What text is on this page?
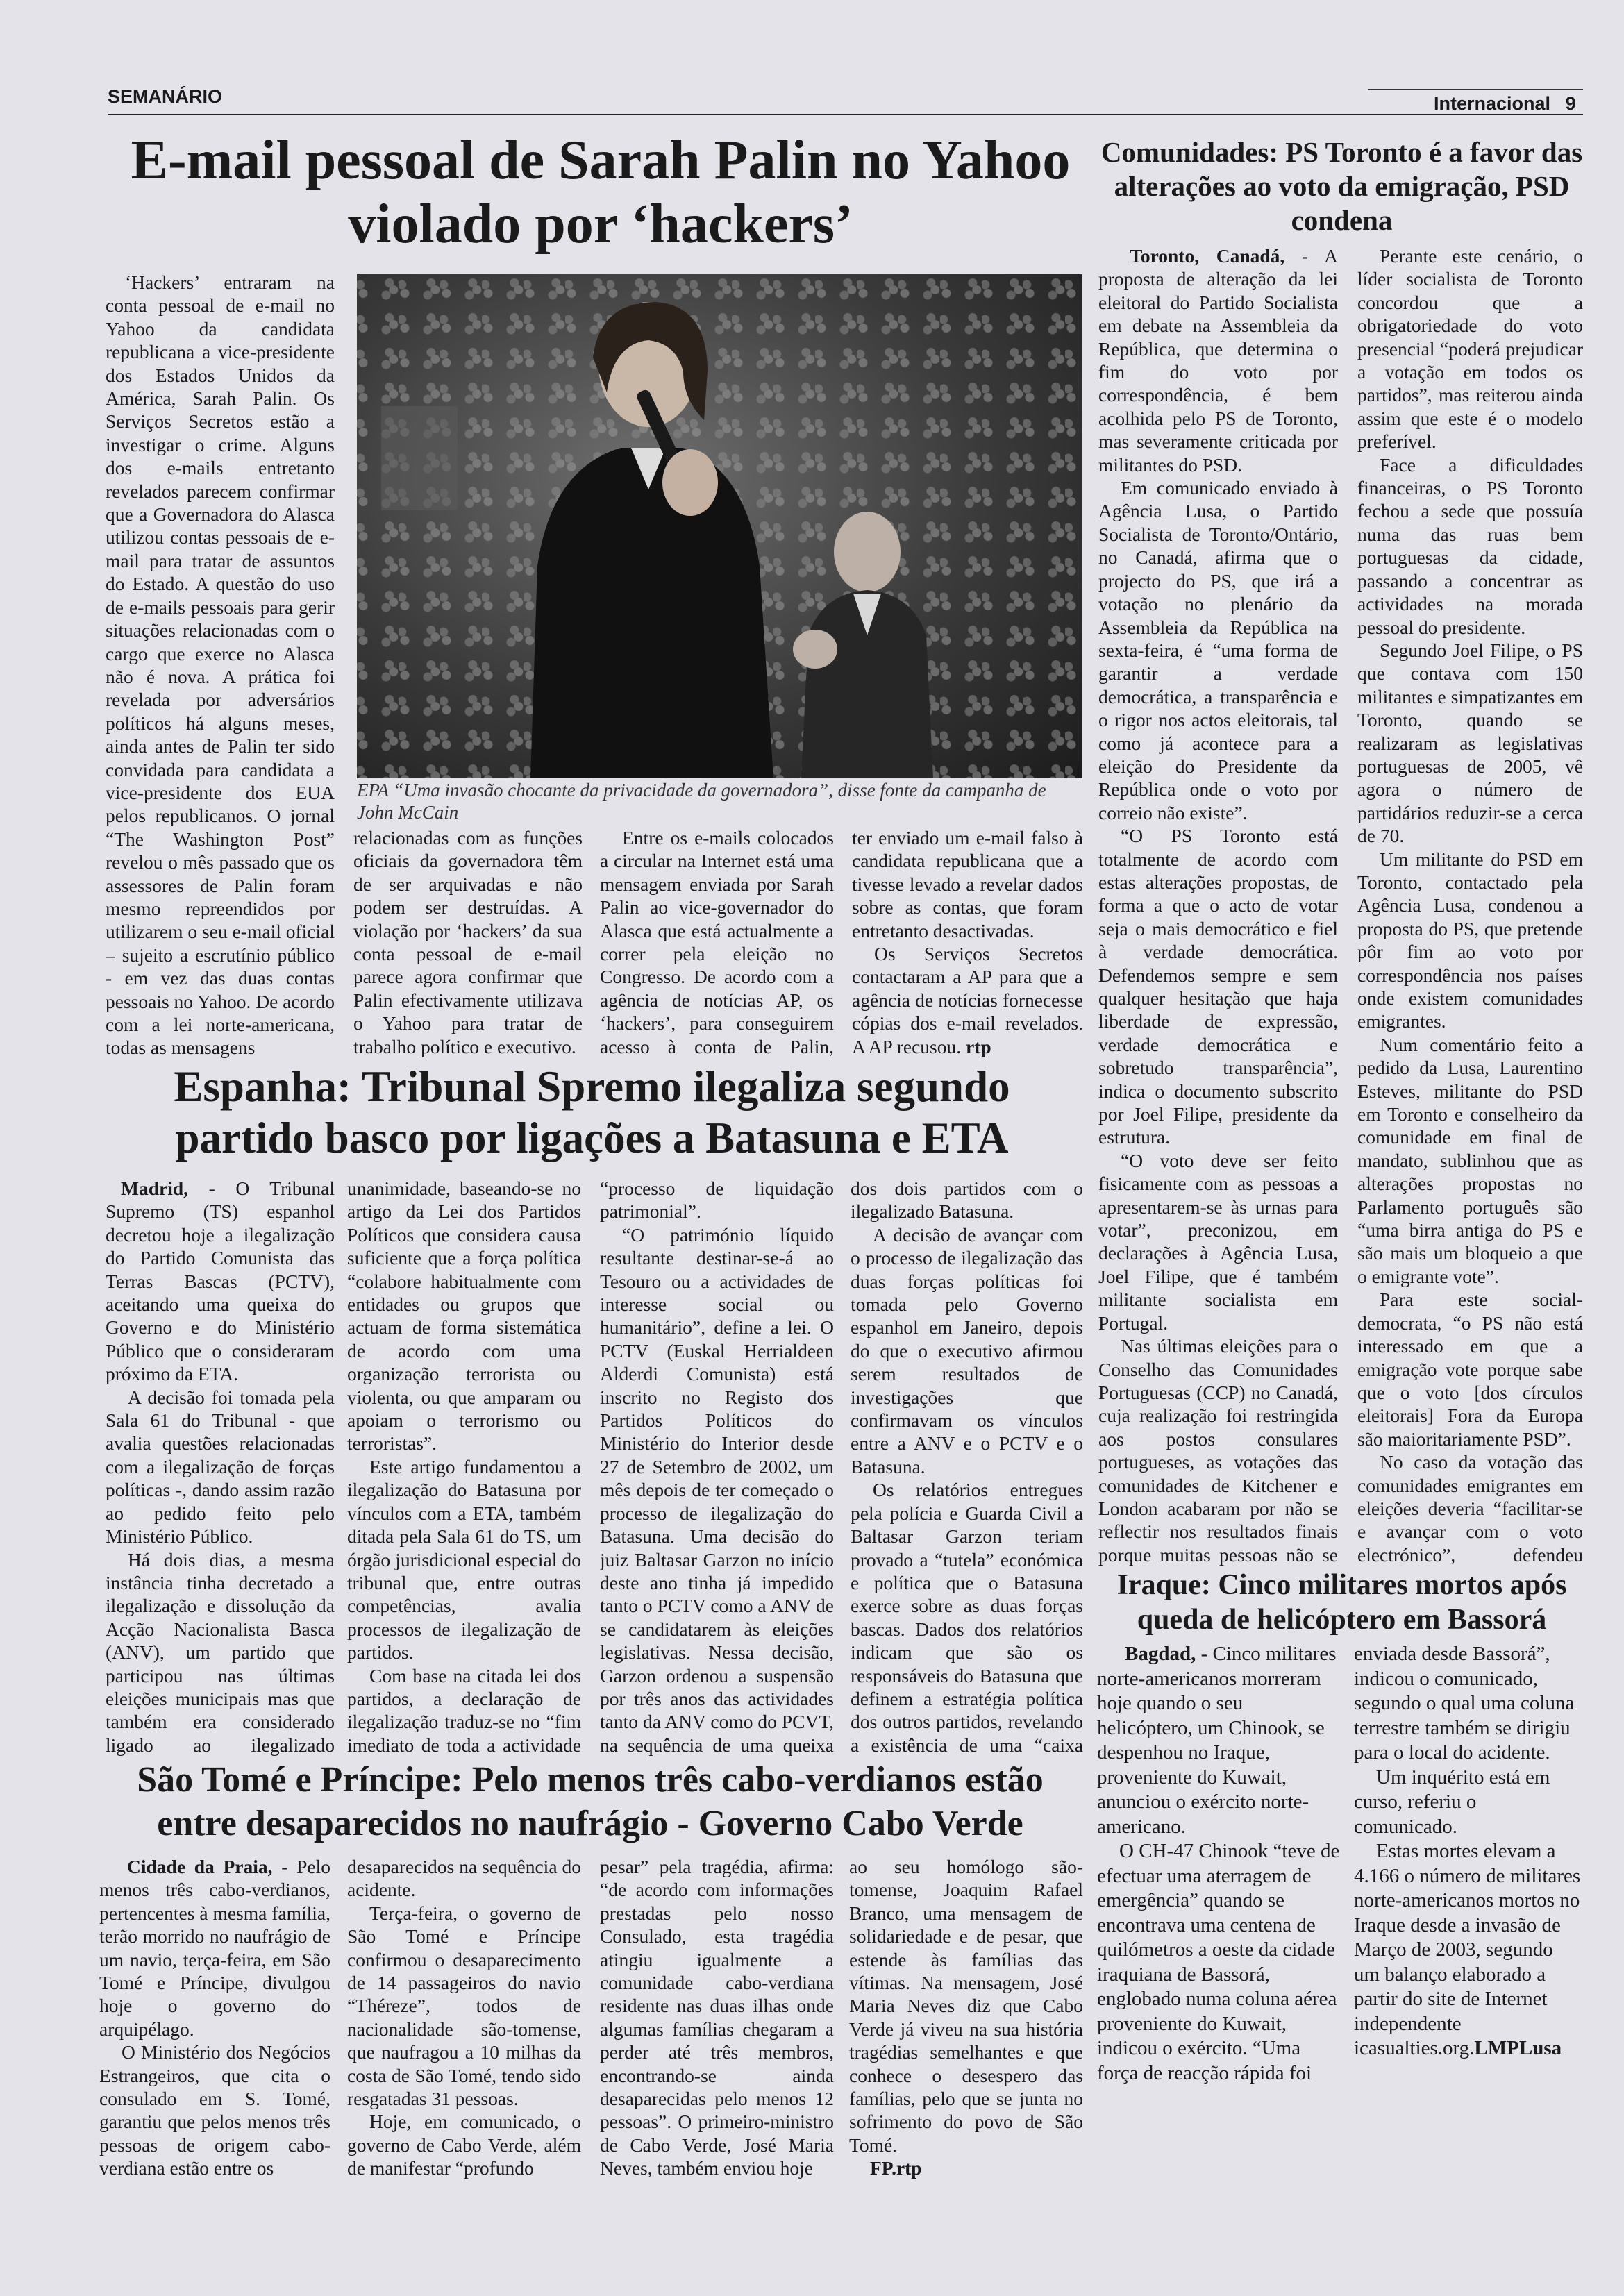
SEMANÁRIO	Internacional 9
E-mail pessoal de Sarah Palin no Yahoo violado por ‘hackers’

‘Hackers’ entraram na conta pessoal de e-mail no Yahoo da candidata republicana a vice-presidente dos Estados Unidos da América, Sarah Palin. Os Serviços Secretos estão a investigar o crime. Alguns dos e-mails entretanto revelados parecem confirmar que a Governadora do Alasca utilizou contas pessoais de e-mail para tratar de assuntos do Estado. A questão do uso de e-mails pessoais para gerir situações relacionadas com o cargo que exerce no Alasca não é nova. A prática foi revelada por adversários políticos há alguns meses, ainda antes de Palin ter sido convidada para candidata a vice-presidente dos EUA pelos republicanos. O jornal “The Washington Post” revelou o mês passado que os assessores de Palin foram mesmo repreendidos por utilizarem o seu e-mail oficial – sujeito a escrutínio público - em vez das duas contas pessoais no Yahoo. De acordo com a lei norte-americana, todas as mensagens

EPA “Uma invasão chocante da privacidade da governadora”, disse fonte da campanha de John McCain

relacionadas com as funções oficiais da governadora têm de ser arquivadas e não podem ser destruídas. A violação por ‘hackers’ da sua conta pessoal de e-mail parece agora confirmar que Palin efectivamente utilizava o Yahoo para tratar de trabalho político e executivo.

Entre os e-mails colocados a circular na Internet está uma mensagem enviada por Sarah Palin ao vice-governador do Alasca que está actualmente a correr pela eleição no Congresso. De acordo com a agência de notícias AP, os ‘hackers’, para conseguirem acesso à conta de Palin,

ter enviado um e-mail falso à candidata republicana que a tivesse levado a revelar dados sobre as contas, que foram entretanto desactivadas.

Os Serviços Secretos contactaram a AP para que a agência de notícias fornecesse cópias dos e-mail revelados. A AP recusou. rtp

Espanha: Tribunal Spremo ilegaliza segundo partido basco por ligações a Batasuna e ETA

Madrid, - O Tribunal Supremo (TS) espanhol decretou hoje a ilegalização do Partido Comunista das Terras Bascas (PCTV), aceitando uma queixa do Governo e do Ministério Público que o consideraram próximo da ETA.

A decisão foi tomada pela Sala 61 do Tribunal - que avalia questões relacionadas com a ilegalização de forças políticas -, dando assim razão ao pedido feito pelo Ministério Público.

Há dois dias, a mesma instância tinha decretado a ilegalização e dissolução da Acção Nacionalista Basca (ANV), um partido que participou nas últimas eleições municipais mas que também era considerado ligado ao ilegalizado

unanimidade, baseando-se no artigo da Lei dos Partidos Políticos que considera causa suficiente que a força política “colabore habitualmente com entidades ou grupos que actuam de forma sistemática de acordo com uma organização terrorista ou violenta, ou que amparam ou apoiam o terrorismo ou terroristas”.

Este artigo fundamentou a ilegalização do Batasuna por vínculos com a ETA, também ditada pela Sala 61 do TS, um órgão jurisdicional especial do tribunal que, entre outras competências, avalia processos de ilegalização de partidos.

Com base na citada lei dos partidos, a declaração de ilegalização traduz-se no “fim imediato de toda a actividade

“processo de liquidação patrimonial”.

“O património líquido resultante destinar-se-á ao Tesouro ou a actividades de interesse social ou humanitário”, define a lei. O PCTV (Euskal Herrialdeen Alderdi Comunista) está inscrito no Registo dos Partidos Políticos do Ministério do Interior desde 27 de Setembro de 2002, um mês depois de ter começado o processo de ilegalização do Batasuna. Uma decisão do juiz Baltasar Garzon no início deste ano tinha já impedido tanto o PCTV como a ANV de se candidatarem às eleições legislativas. Nessa decisão, Garzon ordenou a suspensão por três anos das actividades tanto da ANV como do PCVT, na sequência de uma queixa

dos dois partidos com o ilegalizado Batasuna.

A decisão de avançar com o processo de ilegalização das duas forças políticas foi tomada pelo Governo espanhol em Janeiro, depois do que o executivo afirmou serem resultados de investigações que confirmavam os vínculos entre a ANV e o PCTV e o Batasuna.

Os relatórios entregues pela polícia e Guarda Civil a Baltasar Garzon teriam provado a “tutela” económica e política que o Batasuna exerce sobre as duas forças bascas. Dados dos relatórios indicam que são os responsáveis do Batasuna que definem a estratégia política dos outros partidos, revelando a existência de uma “caixa

São Tomé e Príncipe: Pelo menos três cabo-verdianos estão entre desaparecidos no naufrágio - Governo Cabo Verde

Cidade da Praia, - Pelo menos três cabo-verdianos, pertencentes à mesma família, terão morrido no naufrágio de um navio, terça-feira, em São Tomé e Príncipe, divulgou hoje o governo do arquipélago.

O Ministério dos Negócios Estrangeiros, que cita o consulado em S. Tomé, garantiu que pelos menos três pessoas de origem cabo-verdiana estão entre os

desaparecidos na sequência do acidente.

Terça-feira, o governo de São Tomé e Príncipe confirmou o desaparecimento de 14 passageiros do navio “Théreze”, todos de nacionalidade são-tomense, que naufragou a 10 milhas da costa de São Tomé, tendo sido resgatadas 31 pessoas.

Hoje, em comunicado, o governo de Cabo Verde, além de manifestar “profundo

pesar” pela tragédia, afirma: “de acordo com informações prestadas pelo nosso Consulado, esta tragédia atingiu igualmente a comunidade cabo-verdiana residente nas duas ilhas onde algumas famílias chegaram a perder até três membros, encontrando-se ainda desaparecidas pelo menos 12 pessoas”. O primeiro-ministro de Cabo Verde, José Maria Neves, também enviou hoje

ao seu homólogo são-tomense, Joaquim Rafael Branco, uma mensagem de solidariedade e de pesar, que estende às famílias das vítimas. Na mensagem, José Maria Neves diz que Cabo Verde já viveu na sua história tragédias semelhantes e que conhece o desespero das famílias, pelo que se junta no sofrimento do povo de São Tomé.

FP.rtp

Comunidades: PS Toronto é a favor das alterações ao voto da emigração, PSD condena

Toronto, Canadá, - A proposta de alteração da lei eleitoral do Partido Socialista em debate na Assembleia da República, que determina o fim do voto por correspondência, é bem acolhida pelo PS de Toronto, mas severamente criticada por militantes do PSD.

Em comunicado enviado à Agência Lusa, o Partido Socialista de Toronto/Ontário, no Canadá, afirma que o projecto do PS, que irá a votação no plenário da Assembleia da República na sexta-feira, é “uma forma de garantir a verdade democrática, a transparência e o rigor nos actos eleitorais, tal como já acontece para a eleição do Presidente da República onde o voto por correio não existe”.

“O PS Toronto está totalmente de acordo com estas alterações propostas, de forma a que o acto de votar seja o mais democrático e fiel à verdade democrática. Defendemos sempre e sem qualquer hesitação que haja liberdade de expressão, verdade democrática e sobretudo transparência”, indica o documento subscrito por Joel Filipe, presidente da estrutura.

“O voto deve ser feito fisicamente com as pessoas a apresentarem-se às urnas para votar”, preconizou, em declarações à Agência Lusa, Joel Filipe, que é também militante socialista em Portugal.

Nas últimas eleições para o Conselho das Comunidades Portuguesas (CCP) no Canadá, cuja realização foi restringida aos postos consulares portugueses, as votações das comunidades de Kitchener e London acabaram por não se reflectir nos resultados finais porque muitas pessoas não se

Perante este cenário, o líder socialista de Toronto concordou que a obrigatoriedade do voto presencial “poderá prejudicar a votação em todos os partidos”, mas reiterou ainda assim que este é o modelo preferível.

Face a dificuldades financeiras, o PS Toronto fechou a sede que possuía numa das ruas bem portuguesas da cidade, passando a concentrar as actividades na morada pessoal do presidente.

Segundo Joel Filipe, o PS que contava com 150 militantes e simpatizantes em Toronto, quando se realizaram as legislativas portuguesas de 2005, vê agora o número de partidários reduzir-se a cerca de 70.

Um militante do PSD em Toronto, contactado pela Agência Lusa, condenou a proposta do PS, que pretende pôr fim ao voto por correspondência nos países onde existem comunidades emigrantes.

Num comentário feito a pedido da Lusa, Laurentino Esteves, militante do PSD em Toronto e conselheiro da comunidade em final de mandato, sublinhou que as alterações propostas no Parlamento português são “uma birra antiga do PS e são mais um bloqueio a que o emigrante vote”.

Para este social-democrata, “o PS não está interessado em que a emigração vote porque sabe que o voto [dos círculos eleitorais] Fora da Europa são maioritariamente PSD”.

No caso da votação das comunidades emigrantes em eleições deveria “facilitar-se e avançar com o voto electrónico”, defendeu

Iraque: Cinco militares mortos após queda de helicóptero em Bassorá

Bagdad, - Cinco militares norte-americanos morreram hoje quando o seu helicóptero, um Chinook, se despenhou no Iraque, proveniente do Kuwait, anunciou o exército norte-americano.

O CH-47 Chinook “teve de efectuar uma aterragem de emergência” quando se encontrava uma centena de quilómetros a oeste da cidade iraquiana de Bassorá, englobado numa coluna aérea proveniente do Kuwait, indicou o exército. “Uma força de reacção rápida foi

enviada desde Bassorá”, indicou o comunicado, segundo o qual uma coluna terrestre também se dirigiu para o local do acidente.

Um inquérito está em curso, referiu o comunicado.

Estas mortes elevam a 4.166 o número de militares norte-americanos mortos no Iraque desde a invasão de Março de 2003, segundo um balanço elaborado a partir do site de Internet independente icasualties.org.LMPLusa
